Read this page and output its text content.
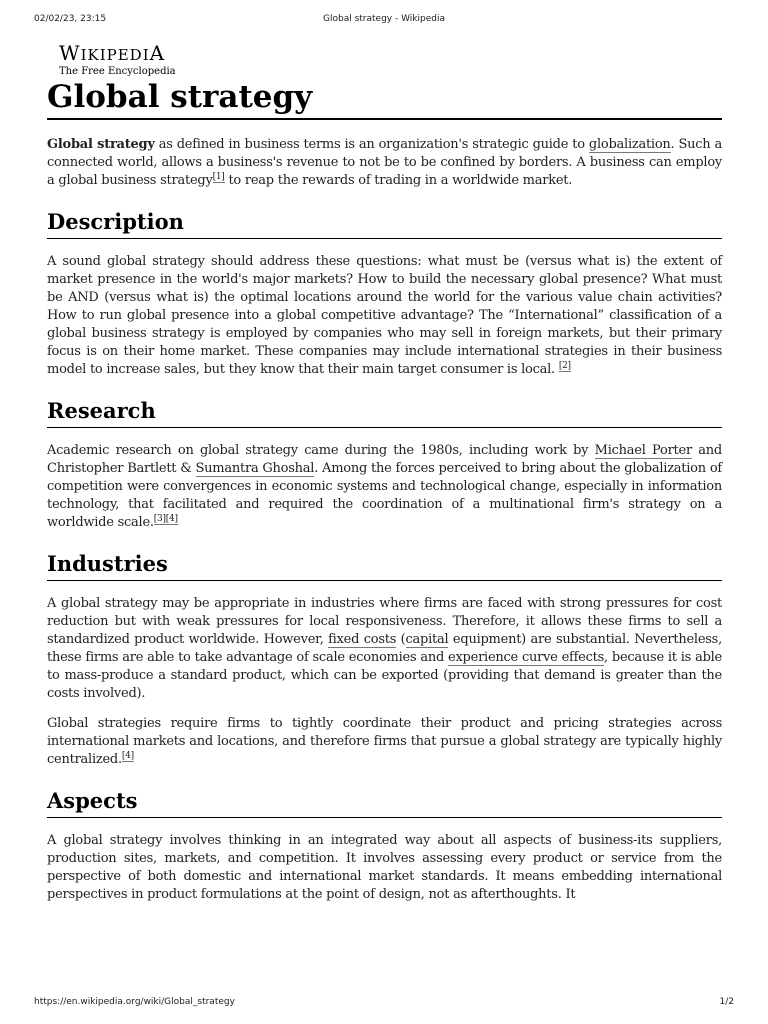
02/02/23, 23:15	Global strategy - Wikipedia
WIKIPEDIA
The Free Encyclopedia
Global strategy

Global strategy as defined in business terms is an organization's strategic guide to globalization. Such a connected world, allows a business's revenue to not be to be confined by borders. A business can employ a global business strategy[1] to reap the rewards of trading in a worldwide market.

Description

A sound global strategy should address these questions: what must be (versus what is) the extent of market presence in the world's major markets? How to build the necessary global presence? What must be AND (versus what is) the optimal locations around the world for the various value chain activities? How to run global presence into a global competitive advantage? The “International” classification of a global business strategy is employed by companies who may sell in foreign markets, but their primary focus is on their home market. These companies may include international strategies in their business model to increase sales, but they know that their main target consumer is local. [2]

Research

Academic research on global strategy came during the 1980s, including work by Michael Porter and Christopher Bartlett & Sumantra Ghoshal. Among the forces perceived to bring about the globalization of competition were convergences in economic systems and technological change, especially in information technology, that facilitated and required the coordination of a multinational firm's strategy on a worldwide scale.[3][4]

Industries

A global strategy may be appropriate in industries where firms are faced with strong pressures for cost reduction but with weak pressures for local responsiveness. Therefore, it allows these firms to sell a standardized product worldwide. However, fixed costs (capital equipment) are substantial. Nevertheless, these firms are able to take advantage of scale economies and experience curve effects, because it is able to mass-produce a standard product, which can be exported (providing that demand is greater than the costs involved).

Global strategies require firms to tightly coordinate their product and pricing strategies across international markets and locations, and therefore firms that pursue a global strategy are typically highly centralized.[4]

Aspects

A global strategy involves thinking in an integrated way about all aspects of business-its suppliers, production sites, markets, and competition. It involves assessing every product or service from the perspective of both domestic and international market standards. It means embedding international perspectives in product formulations at the point of design, not as afterthoughts. It

https://en.wikipedia.org/wiki/Global_strategy	1/2
